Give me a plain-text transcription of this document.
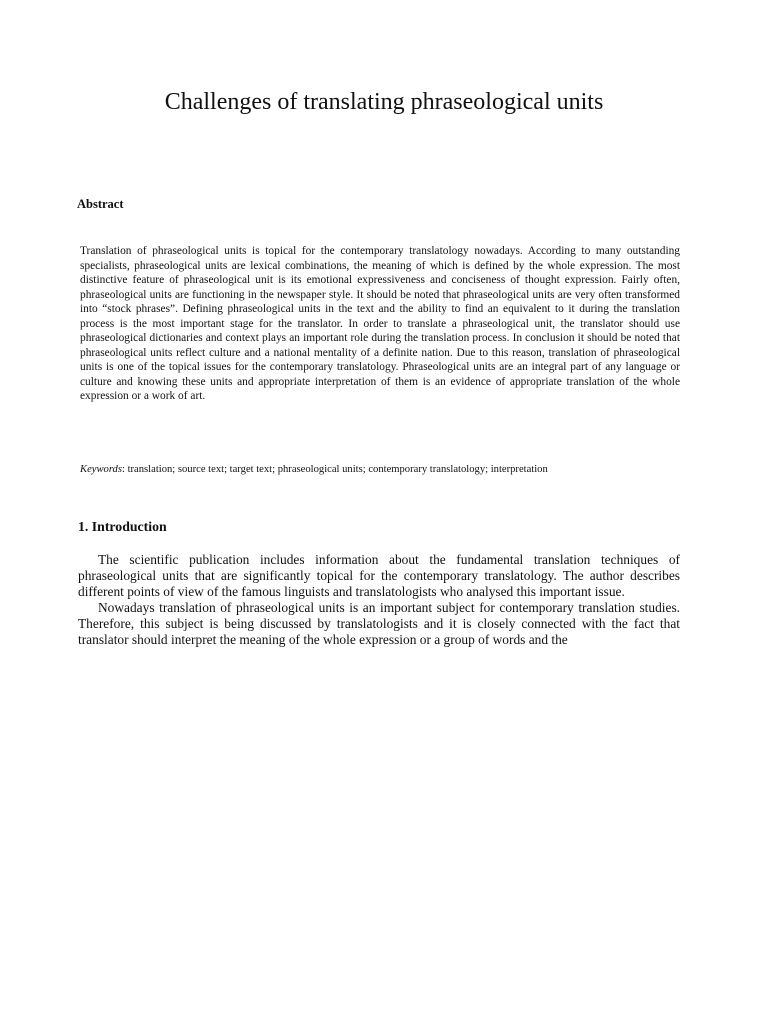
Challenges of translating phraseological units
Abstract

Translation of phraseological units is topical for the contemporary translatology nowadays. According to many outstanding specialists, phraseological units are lexical combinations, the meaning of which is defined by the whole expression. The most distinctive feature of phraseological unit is its emotional expressiveness and conciseness of thought expression. Fairly often, phraseological units are functioning in the newspaper style. It should be noted that phraseological units are very often transformed into “stock phrases”. Defining phraseological units in the text and the ability to find an equivalent to it during the translation process is the most important stage for the translator. In order to translate a phraseological unit, the translator should use phraseological dictionaries and context plays an important role during the translation process. In conclusion it should be noted that phraseological units reflect culture and a national mentality of a definite nation. Due to this reason, translation of phraseological units is one of the topical issues for the contemporary translatology. Phraseological units are an integral part of any language or culture and knowing these units and appropriate interpretation of them is an evidence of appropriate translation of the whole expression or a work of art.

Keywords: translation; source text; target text; phraseological units; contemporary translatology; interpretation

1. Introduction

The scientific publication includes information about the fundamental translation techniques of phraseological units that are significantly topical for the contemporary translatology. The author describes different points of view of the famous linguists and translatologists who analysed this important issue.

Nowadays translation of phraseological units is an important subject for contemporary translation studies. Therefore, this subject is being discussed by translatologists and it is closely connected with the fact that translator should interpret the meaning of the whole expression or a group of words and the
